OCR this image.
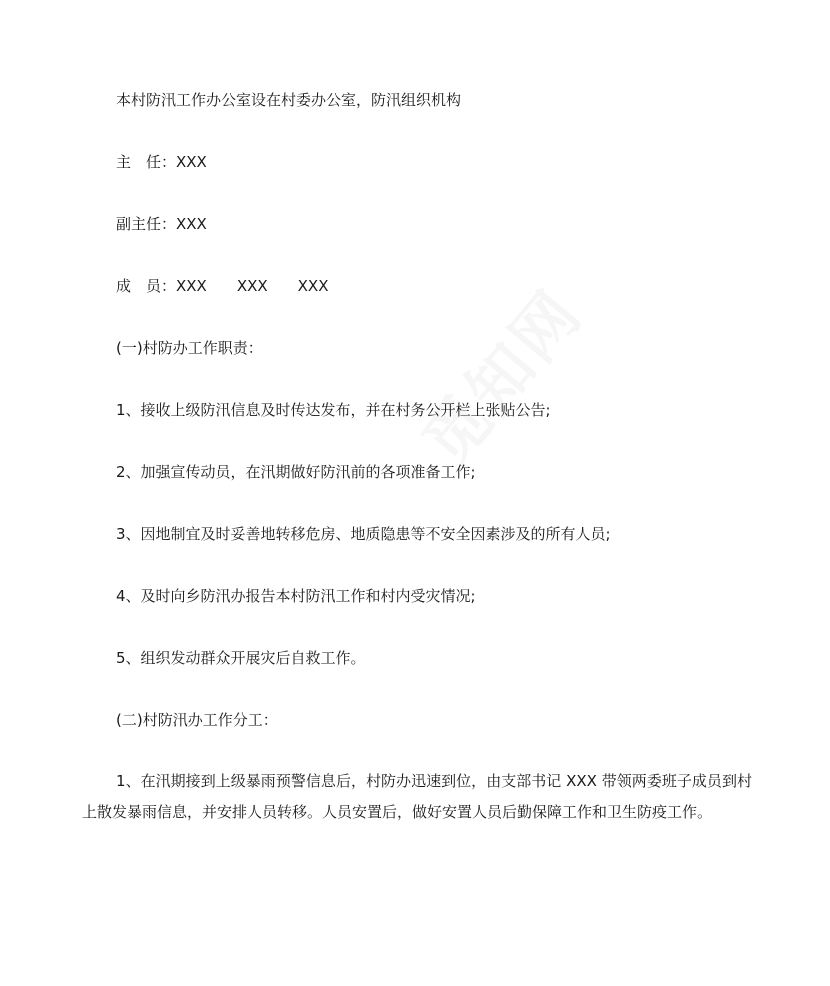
本村防汛工作办公室设在村委办公室，防汛组织机构
主　任：XXX
副主任：XXX
成　员：XXX　　XXX　　XXX
(一)村防办工作职责：
1、接收上级防汛信息及时传达发布，并在村务公开栏上张贴公告;
2、加强宣传动员，在汛期做好防汛前的各项准备工作;
3、因地制宜及时妥善地转移危房、地质隐患等不安全因素涉及的所有人员;
4、及时向乡防汛办报告本村防汛工作和村内受灾情况;
5、组织发动群众开展灾后自救工作。
(二)村防汛办工作分工：
1、在汛期接到上级暴雨预警信息后，村防办迅速到位，由支部书记 XXX 带领两委班子成员到村上散发暴雨信息，并安排人员转移。人员安置后，做好安置人员后勤保障工作和卫生防疫工作。
